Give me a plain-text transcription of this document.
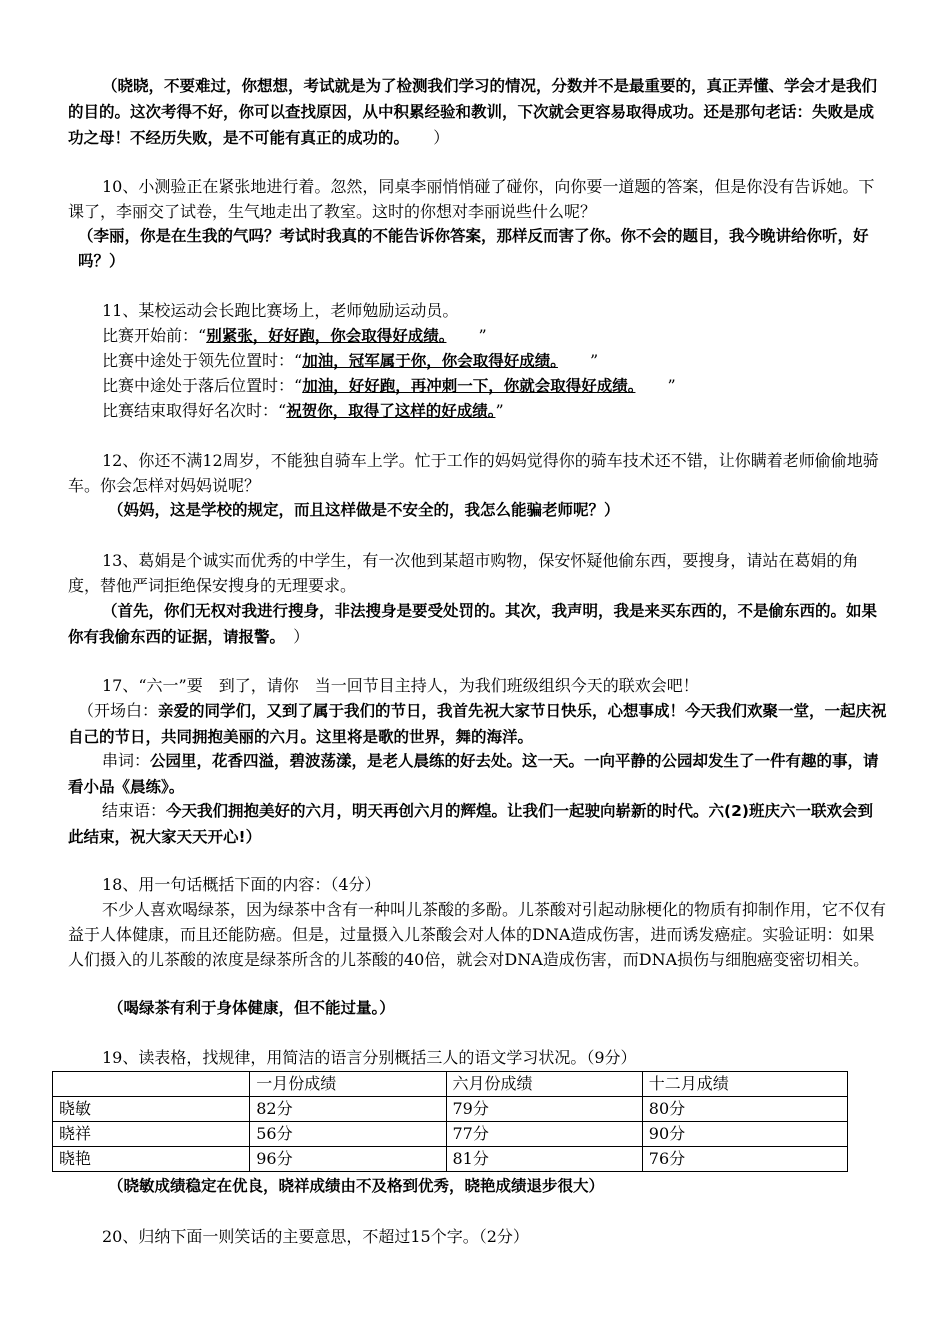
（晓晓，不要难过，你想想，考试就是为了检测我们学习的情况，分数并不是最重要的，真正弄懂、学会才是我们的目的。这次考得不好，你可以查找原因，从中积累经验和教训，下次就会更容易取得成功。还是那句老话：失败是成功之母！不经历失败，是不可能有真正的成功的。　　 ）

10、小测验正在紧张地进行着。忽然，同桌李丽悄悄碰了碰你，向你要一道题的答案，但是你没有告诉她。下课了，李丽交了试卷，生气地走出了教室。这时的你想对李丽说些什么呢？

（李丽，你是在生我的气吗？考试时我真的不能告诉你答案，那样反而害了你。你不会的题目，我今晚讲给你听，好吗？）

11、某校运动会长跑比赛场上，老师勉励运动员。

比赛开始前：“别紧张，好好跑，你会取得好成绩。　　 ”
比赛中途处于领先位置时：“加油，冠军属于你，你会取得好成绩。　　 ”
比赛中途处于落后位置时：“加油，好好跑，再冲刺一下，你就会取得好成绩。　　 ”
比赛结束取得好名次时：“祝贺你，取得了这样的好成绩。”

12、你还不满12周岁，不能独自骑车上学。忙于工作的妈妈觉得你的骑车技术还不错，让你瞒着老师偷偷地骑车。你会怎样对妈妈说呢？

（妈妈，这是学校的规定，而且这样做是不安全的，我怎么能骗老师呢？）

13、葛娟是个诚实而优秀的中学生，有一次他到某超市购物，保安怀疑他偷东西，要搜身，请站在葛娟的角度，替他严词拒绝保安搜身的无理要求。

（首先，你们无权对我进行搜身，非法搜身是要受处罚的。其次，我声明，我是来买东西的，不是偷东西的。如果你有我偷东西的证据，请报警。　 ）

17、“六一”要　到了，请你　当一回节目主持人，为我们班级组织今天的联欢会吧！

（开场白：亲爱的同学们，又到了属于我们的节日，我首先祝大家节日快乐，心想事成！今天我们欢聚一堂，一起庆祝自己的节日，共同拥抱美丽的六月。这里将是歌的世界，舞的海洋。

串词：公园里，花香四溢，碧波荡漾，是老人晨练的好去处。这一天。一向平静的公园却发生了一件有趣的事，请看小品《晨练》。

结束语：今天我们拥抱美好的六月，明天再创六月的辉煌。让我们一起驶向崭新的时代。六(2)班庆六一联欢会到此结束，祝大家天天开心!）

18、用一句话概括下面的内容：（4分）

不少人喜欢喝绿茶，因为绿茶中含有一种叫儿茶酸的多酚。儿茶酸对引起动脉梗化的物质有抑制作用，它不仅有益于人体健康，而且还能防癌。但是，过量摄入儿茶酸会对人体的DNA造成伤害，进而诱发癌症。实验证明：如果人们摄入的儿茶酸的浓度是绿茶所含的儿茶酸的40倍，就会对DNA造成伤害，而DNA损伤与细胞癌变密切相关。

（喝绿茶有利于身体健康，但不能过量。）

19、读表格，找规律，用简洁的语言分别概括三人的语文学习状况。（9分）

	一月份成绩	六月份成绩	十二月成绩
晓敏	82分	79分	80分
晓祥	56分	77分	90分
晓艳	96分	81分	76分

（晓敏成绩稳定在优良，晓祥成绩由不及格到优秀，晓艳成绩退步很大）

20、归纳下面一则笑话的主要意思，不超过15个字。（2分）
